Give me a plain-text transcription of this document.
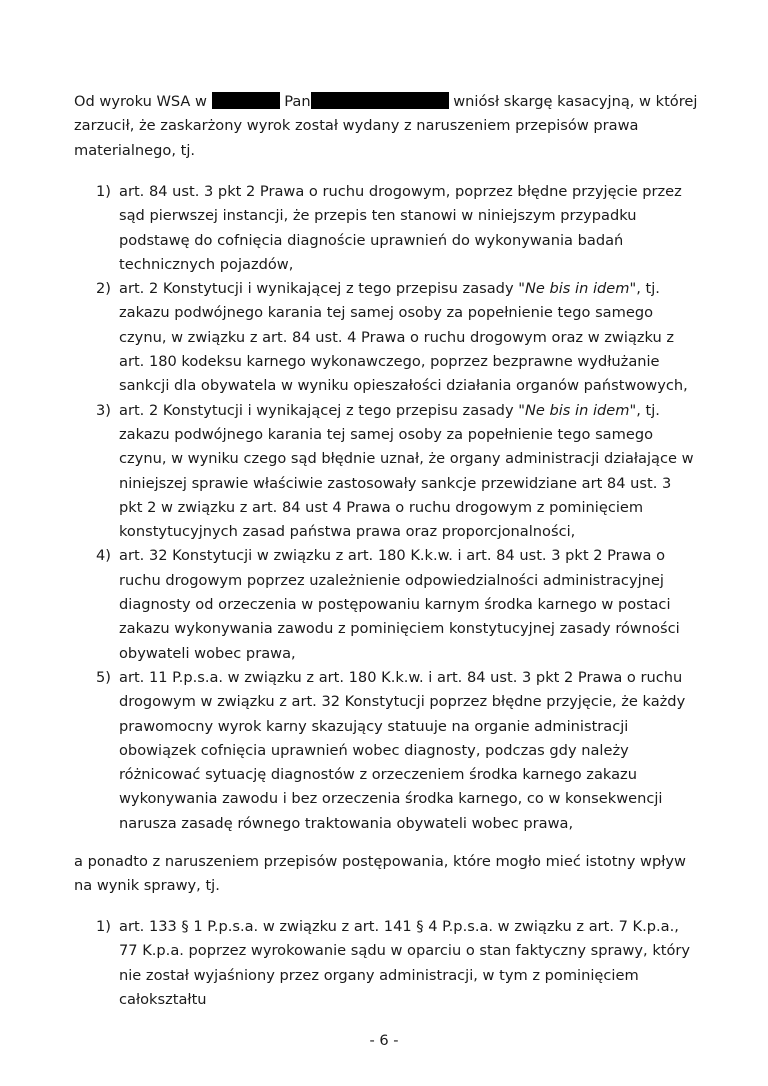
Od wyroku WSA w	Pan	wniósł skargę kasacyjną, w której zarzucił, że zaskarżony wyrok został wydany z naruszeniem przepisów prawa materialnego, tj.

1) art. 84 ust. 3 pkt 2 Prawa o ruchu drogowym, poprzez błędne przyjęcie przez sąd pierwszej instancji, że przepis ten stanowi w niniejszym przypadku podstawę do cofnięcia diagnoście uprawnień do wykonywania badań technicznych pojazdów,
2) art. 2 Konstytucji i wynikającej z tego przepisu zasady "Ne bis in idem", tj. zakazu podwójnego karania tej samej osoby za popełnienie tego samego czynu, w związku z art. 84 ust. 4 Prawa o ruchu drogowym oraz w związku z art. 180 kodeksu karnego wykonawczego, poprzez bezprawne wydłużanie sankcji dla obywatela w wyniku opieszałości działania organów państwowych,
3) art. 2 Konstytucji i wynikającej z tego przepisu zasady "Ne bis in idem", tj. zakazu podwójnego karania tej samej osoby za popełnienie tego samego czynu, w wyniku czego sąd błędnie uznał, że organy administracji działające w niniejszej sprawie właściwie zastosowały sankcje przewidziane art 84 ust. 3 pkt 2 w związku z art. 84 ust 4 Prawa o ruchu drogowym z pominięciem konstytucyjnych zasad państwa prawa oraz proporcjonalności,
4) art. 32 Konstytucji w związku z art. 180 K.k.w. i art. 84 ust. 3 pkt 2 Prawa o ruchu drogowym poprzez uzależnienie odpowiedzialności administracyjnej diagnosty od orzeczenia w postępowaniu karnym środka karnego w postaci zakazu wykonywania zawodu z pominięciem konstytucyjnej zasady równości obywateli wobec prawa,
5) art. 11 P.p.s.a. w związku z art. 180 K.k.w. i art. 84 ust. 3 pkt 2 Prawa o ruchu drogowym w związku z art. 32 Konstytucji poprzez błędne przyjęcie, że każdy prawomocny wyrok karny skazujący statuuje na organie administracji obowiązek cofnięcia uprawnień wobec diagnosty, podczas gdy należy różnicować sytuację diagnostów z orzeczeniem środka karnego zakazu wykonywania zawodu i bez orzeczenia środka karnego, co w konsekwencji narusza zasadę równego traktowania obywateli wobec prawa,

a ponadto z naruszeniem przepisów postępowania, które mogło mieć istotny wpływ na wynik sprawy, tj.

1) art. 133 § 1 P.p.s.a. w związku z art. 141 § 4 P.p.s.a. w związku z art. 7 K.p.a., 77 K.p.a. poprzez wyrokowanie sądu w oparciu o stan faktyczny sprawy, który nie został wyjaśniony przez organy administracji, w tym z pominięciem całokształtu
- 6 -
